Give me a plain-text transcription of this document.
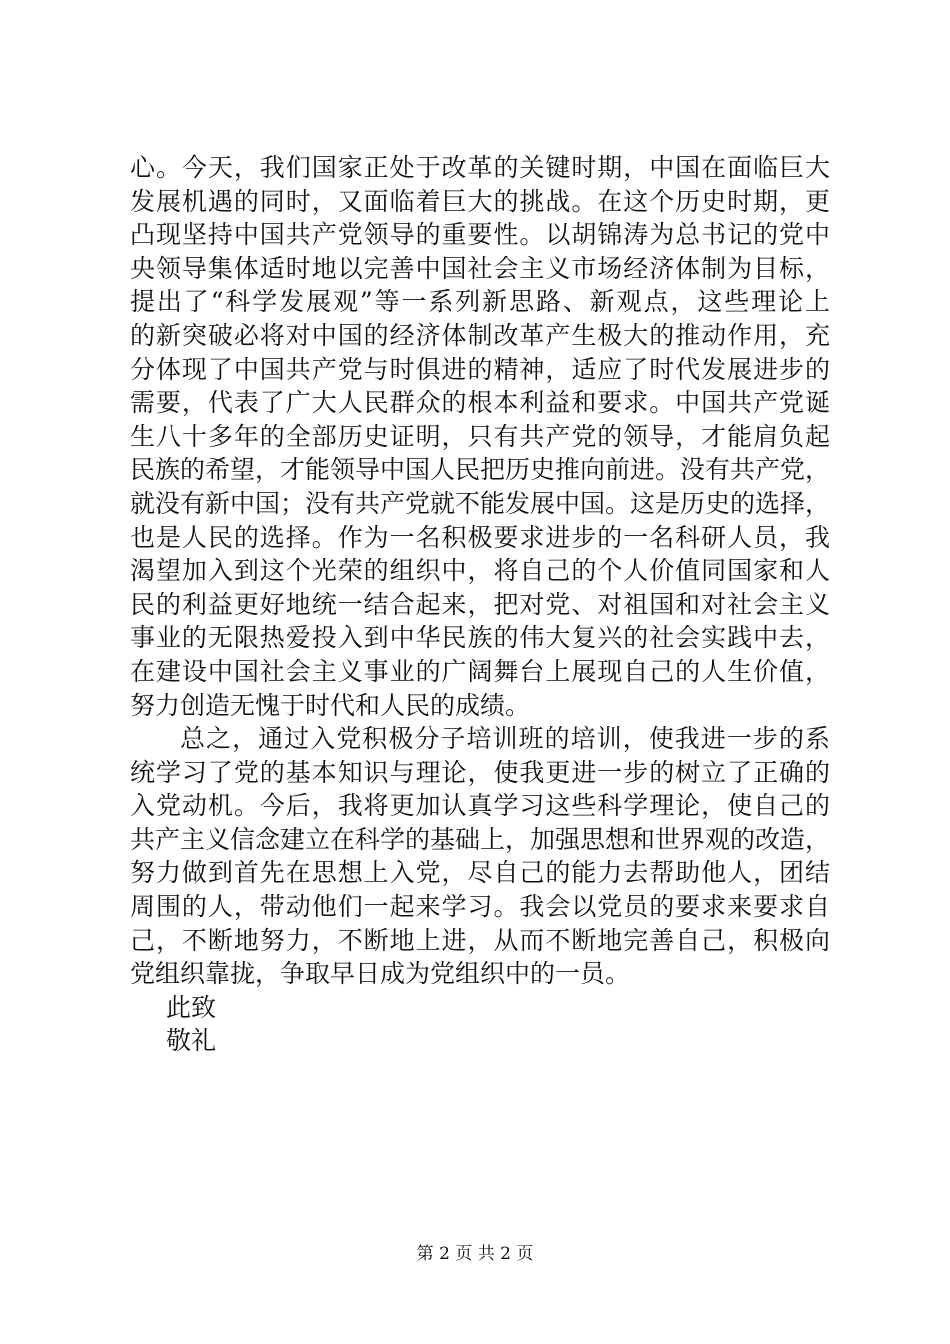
心。今天，我们国家正处于改革的关键时期，中国在面临巨大
发展机遇的同时，又面临着巨大的挑战。在这个历史时期，更
凸现坚持中国共产党领导的重要性。以胡锦涛为总书记的党中
央领导集体适时地以完善中国社会主义市场经济体制为目标，
提出了“科学发展观”等一系列新思路、新观点，这些理论上
的新突破必将对中国的经济体制改革产生极大的推动作用，充
分体现了中国共产党与时俱进的精神，适应了时代发展进步的
需要，代表了广大人民群众的根本利益和要求。中国共产党诞
生八十多年的全部历史证明，只有共产党的领导，才能肩负起
民族的希望，才能领导中国人民把历史推向前进。没有共产党，
就没有新中国；没有共产党就不能发展中国。这是历史的选择，
也是人民的选择。作为一名积极要求进步的一名科研人员，我
渴望加入到这个光荣的组织中，将自己的个人价值同国家和人
民的利益更好地统一结合起来，把对党、对祖国和对社会主义
事业的无限热爱投入到中华民族的伟大复兴的社会实践中去，
在建设中国社会主义事业的广阔舞台上展现自己的人生价值，
努力创造无愧于时代和人民的成绩。
总之，通过入党积极分子培训班的培训，使我进一步的系
统学习了党的基本知识与理论，使我更进一步的树立了正确的
入党动机。今后，我将更加认真学习这些科学理论，使自己的
共产主义信念建立在科学的基础上，加强思想和世界观的改造，
努力做到首先在思想上入党，尽自己的能力去帮助他人，团结
周围的人，带动他们一起来学习。我会以党员的要求来要求自
己，不断地努力，不断地上进，从而不断地完善自己，积极向
党组织靠拢，争取早日成为党组织中的一员。
此致
敬礼
第 2 页 共 2 页
